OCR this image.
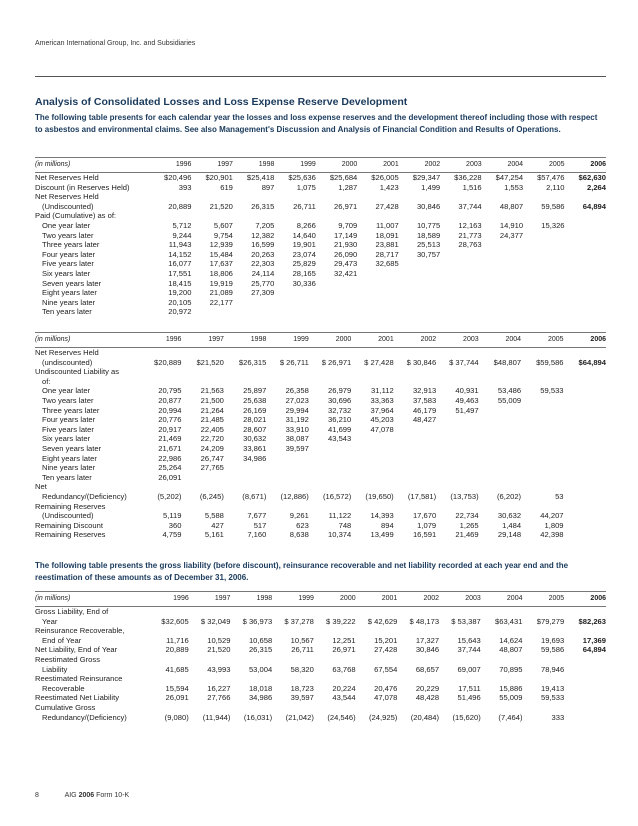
American International Group, Inc. and Subsidiaries
Analysis of Consolidated Losses and Loss Expense Reserve Development
The following table presents for each calendar year the losses and loss expense reserves and the development thereof including those with respect to asbestos and environmental claims. See also Management's Discussion and Analysis of Financial Condition and Results of Operations.
(in millions)	1996	1997	1998	1999	2000	2001	2002	2003	2004	2005	2006
Net Reserves Held	$20,496	$20,901	$25,418	$25,636	$25,684	$26,005	$29,347	$36,228	$47,254	$57,476	$62,630
Discount (in Reserves Held)	393	619	897	1,075	1,287	1,423	1,499	1,516	1,553	2,110	2,264
Net Reserves Held											
(Undiscounted)	20,889	21,520	26,315	26,711	26,971	27,428	30,846	37,744	48,807	59,586	64,894
Paid (Cumulative) as of:											
One year later	5,712	5,607	7,205	8,266	9,709	11,007	10,775	12,163	14,910	15,326	
Two years later	9,244	9,754	12,382	14,640	17,149	18,091	18,589	21,773	24,377		
Three years later	11,943	12,939	16,599	19,901	21,930	23,881	25,513	28,763			
Four years later	14,152	15,484	20,263	23,074	26,090	28,717	30,757				
Five years later	16,077	17,637	22,303	25,829	29,473	32,685					
Six years later	17,551	18,806	24,114	28,165	32,421						
Seven years later	18,415	19,919	25,770	30,336							
Eight years later	19,200	21,089	27,309								
Nine years later	20,105	22,177									
Ten years later	20,972										
(in millions)	1996	1997	1998	1999	2000	2001	2002	2003	2004	2005	2006
Net Reserves Held											
(undiscounted)	$20,889	$21,520	$26,315	$ 26,711	$ 26,971	$ 27,428	$ 30,846	$ 37,744	$48,807	$59,586	$64,894
Undiscounted Liability as											
of:											
One year later	20,795	21,563	25,897	26,358	26,979	31,112	32,913	40,931	53,486	59,533	
Two years later	20,877	21,500	25,638	27,023	30,696	33,363	37,583	49,463	55,009		
Three years later	20,994	21,264	26,169	29,994	32,732	37,964	46,179	51,497			
Four years later	20,776	21,485	28,021	31,192	36,210	45,203	48,427				
Five years later	20,917	22,405	28,607	33,910	41,699	47,078					
Six years later	21,469	22,720	30,632	38,087	43,543						
Seven years later	21,671	24,209	33,861	39,597							
Eight years later	22,986	26,747	34,986								
Nine years later	25,264	27,765									
Ten years later	26,091										
Net											
Redundancy/(Deficiency)	(5,202)	(6,245)	(8,671)	(12,886)	(16,572)	(19,650)	(17,581)	(13,753)	(6,202)	53	
Remaining Reserves											
(Undiscounted)	5,119	5,588	7,677	9,261	11,122	14,393	17,670	22,734	30,632	44,207	
Remaining Discount	360	427	517	623	748	894	1,079	1,265	1,484	1,809	
Remaining Reserves	4,759	5,161	7,160	8,638	10,374	13,499	16,591	21,469	29,148	42,398	
The following table presents the gross liability (before discount), reinsurance recoverable and net liability recorded at each year end and the reestimation of these amounts as of December 31, 2006.
(in millions)	1996	1997	1998	1999	2000	2001	2002	2003	2004	2005	2006
Gross Liability, End of											
Year	$32,605	$ 32,049	$ 36,973	$ 37,278	$ 39,222	$ 42,629	$ 48,173	$ 53,387	$63,431	$79,279	$82,263
Reinsurance Recoverable,											
End of Year	11,716	10,529	10,658	10,567	12,251	15,201	17,327	15,643	14,624	19,693	17,369
Net Liability, End of Year	20,889	21,520	26,315	26,711	26,971	27,428	30,846	37,744	48,807	59,586	64,894
Reestimated Gross											
Liability	41,685	43,993	53,004	58,320	63,768	67,554	68,657	69,007	70,895	78,946	
Reestimated Reinsurance											
Recoverable	15,594	16,227	18,018	18,723	20,224	20,476	20,229	17,511	15,886	19,413	
Reestimated Net Liability	26,091	27,766	34,986	39,597	43,544	47,078	48,428	51,496	55,009	59,533	
Cumulative Gross											
Redundancy/(Deficiency)	(9,080)	(11,944)	(16,031)	(21,042)	(24,546)	(24,925)	(20,484)	(15,620)	(7,464)	333	
8	AIG 2006 Form 10-K
